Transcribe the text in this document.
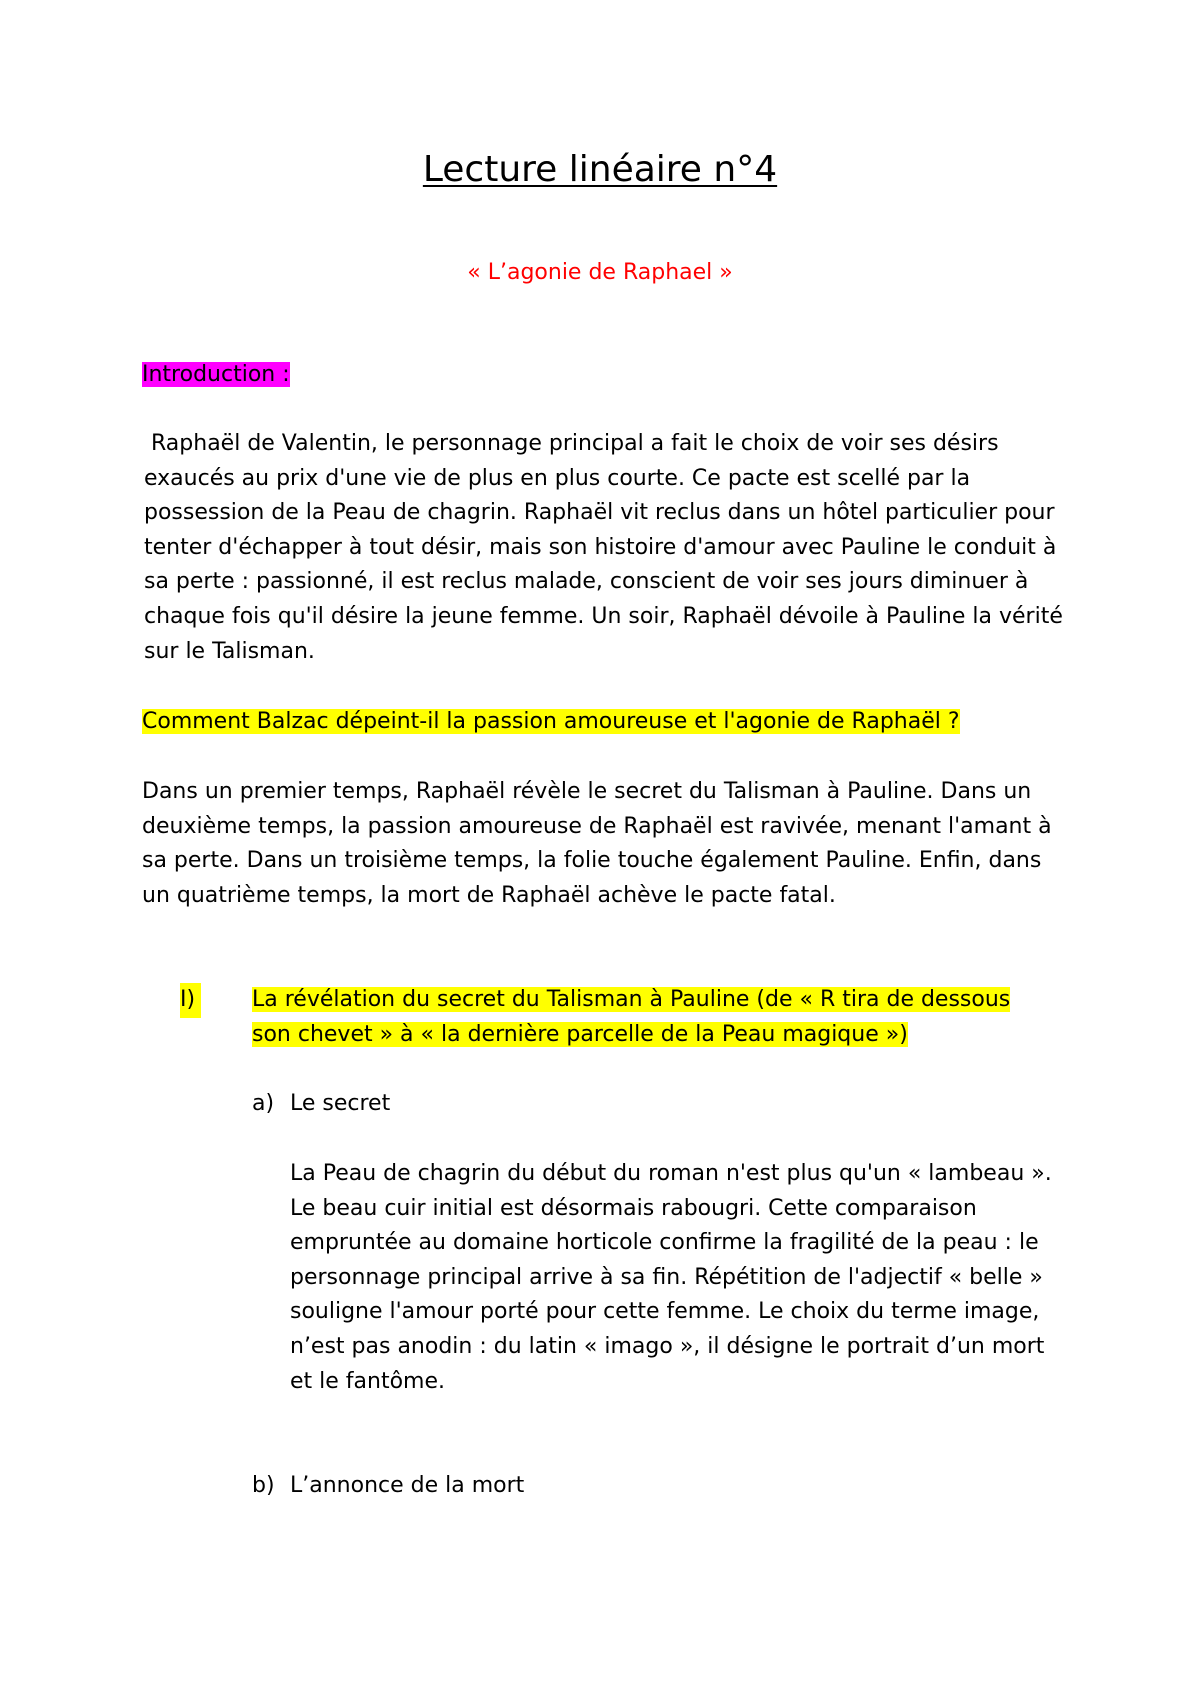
Lecture linéaire n°4
« L’agonie de Raphael »
Introduction :
Raphaël de Valentin, le personnage principal a fait le choix de voir ses désirs exaucés au prix d'une vie de plus en plus courte. Ce pacte est scellé par la possession de la Peau de chagrin. Raphaël vit reclus dans un hôtel particulier pour tenter d'échapper à tout désir, mais son histoire d'amour avec Pauline le conduit à sa perte : passionné, il est reclus malade, conscient de voir ses jours diminuer à chaque fois qu'il désire la jeune femme. Un soir, Raphaël dévoile à Pauline la vérité sur le Talisman.
Comment Balzac dépeint-il la passion amoureuse et l'agonie de Raphaël ?
Dans un premier temps, Raphaël révèle le secret du Talisman à Pauline. Dans un deuxième temps, la passion amoureuse de Raphaël est ravivée, menant l'amant à sa perte. Dans un troisième temps, la folie touche également Pauline. Enfin, dans un quatrième temps, la mort de Raphaël achève le pacte fatal.
I)	La révélation du secret du Talisman à Pauline (de « R tira de dessous son chevet » à « la dernière parcelle de la Peau magique »)
a) Le secret
La Peau de chagrin du début du roman n'est plus qu'un « lambeau ».
Le beau cuir initial est désormais rabougri. Cette comparaison empruntée au domaine horticole confirme la fragilité de la peau : le personnage principal arrive à sa fin. Répétition de l'adjectif « belle » souligne l'amour porté pour cette femme. Le choix du terme image, n’est pas anodin : du latin « imago », il désigne le portrait d’un mort et le fantôme.
b) L’annonce de la mort
